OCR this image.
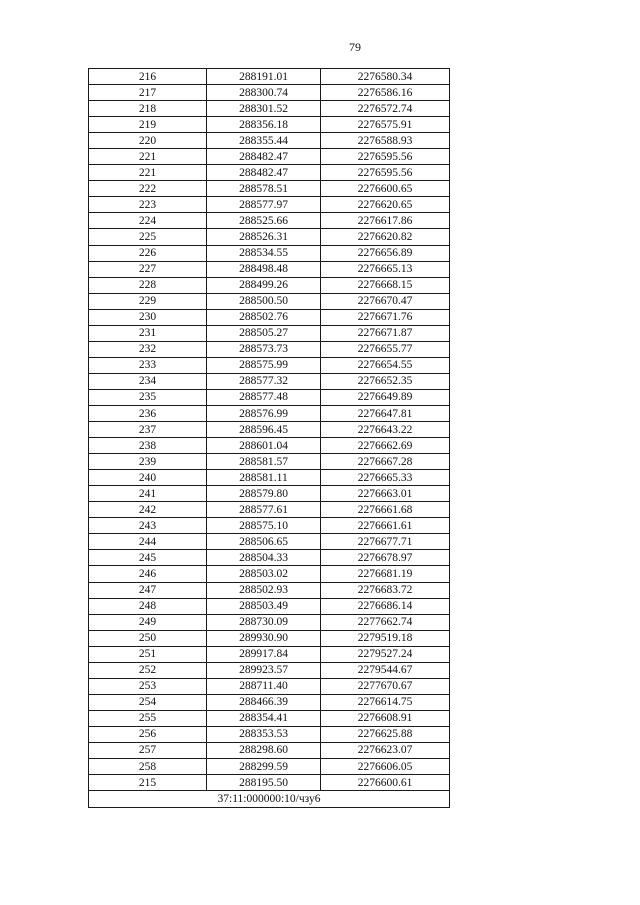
79
216	288191.01	2276580.34
217	288300.74	2276586.16
218	288301.52	2276572.74
219	288356.18	2276575.91
220	288355.44	2276588.93
221	288482.47	2276595.56
221	288482.47	2276595.56
222	288578.51	2276600.65
223	288577.97	2276620.65
224	288525.66	2276617.86
225	288526.31	2276620.82
226	288534.55	2276656.89
227	288498.48	2276665.13
228	288499.26	2276668.15
229	288500.50	2276670.47
230	288502.76	2276671.76
231	288505.27	2276671.87
232	288573.73	2276655.77
233	288575.99	2276654.55
234	288577.32	2276652.35
235	288577.48	2276649.89
236	288576.99	2276647.81
237	288596.45	2276643.22
238	288601.04	2276662.69
239	288581.57	2276667.28
240	288581.11	2276665.33
241	288579.80	2276663.01
242	288577.61	2276661.68
243	288575.10	2276661.61
244	288506.65	2276677.71
245	288504.33	2276678.97
246	288503.02	2276681.19
247	288502.93	2276683.72
248	288503.49	2276686.14
249	288730.09	2277662.74
250	289930.90	2279519.18
251	289917.84	2279527.24
252	289923.57	2279544.67
253	288711.40	2277670.67
254	288466.39	2276614.75
255	288354.41	2276608.91
256	288353.53	2276625.88
257	288298.60	2276623.07
258	288299.59	2276606.05
215	288195.50	2276600.61
37:11:000000:10/чзу6		
